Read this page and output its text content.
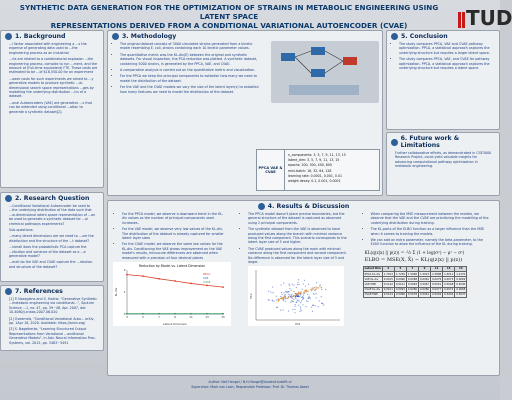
SYNTHETIC DATA GENERATION FOR THE OPTIMIZATION OF STRAINS IN METABOLIC ENGINEERING USING LATENT SPACE
REPRESENTATIONS DERIVED FROM A CONDITIONAL VARIATIONAL AUTOENCODER (CVAE)	TUD
1. Background

...l factor associated with engineering a ...s the expense of generating data used to ...the engineering process as an industrial

...rts are related to a combinatorial explosion ...the engineering process, complex to run ...ment, and the amount of (Full-time equivalent) FTE. These costs are estimated to be ...of $18,550.00 for an experiment

...ower costs for such experiments we aimed to ...y generative models to produce synthetic ...al-dimensional search space representations ...ges by modelling the underlying distribution ...ics of a dataset.

...onal Autoencoders (VAE) are generative ...s that can be extended using conditional ...ation to generate a synthetic dataset[2].

2. Research Question

...Conditional Variational Autoencoder be used to ...the underlying distribution of the data such that ...w-dimensional latent space representation of ...an be used to generate a synthetic dataset for ...al chemical pathways experiments?

Sub-questions:

...many latent dimensions are we need to ...ure the distribution and the structure of the ...t dataset?

...iverall does the probabilistic PCA capture the ...ribution and variance of the dataset as a ...e generative model?

...erall do the VAE and CVAE capture the ...ribution and structure of the dataset?

7. References

[1] P. Naseglens and S. Hodne, "Generative Synthetic ...metabolic engineering via conditional...", Sputum Science ...1, no. 47, pp. 39~48, Apr. 2007, doi: 10.4080/j.cnbos.2007.06.020

[2] Ovedmels, "Conditional Variational Auto... arXiv, pp. 1Apr 16, 2020. Available: https://arxiv.org/

[3] S. Nagelkerke, "Learning Structured Output Representations from Variational ...onditional Generative Models", in Adv. Neural Information Proc. Systems, vol. 2015, pp. 3483~3491

3. Methodology
• The original dataset consists of 3000 simulated strains generated from a kinetic model resembling E. coli, strains containing each 10 kinetic parameter values.
• The quantitative metric was the KL-div(E) between the original and synthetic datasets. For visual inspection, the PCA reduction was plotted. A synthetic dataset, containing 5000 strains, is generated by the PPCA, VAE, and CVAE.
• A comparative analysis is carried out on the quantitative metric and visualization.
• For the PPCA we keep the principal components to establish how many we need to model the distribution of the dataset.
• For the VAE and the CVAE models we vary the size of the latent layer(s) to establish how many features we need to model the distribution of the dataset.
PPCA VAE & CVAE
n_components: 3, 5, 7, 9, 11, 13, 15
latent_dim: 3, 5, 7, 9, 11, 13, 15
epochs: 200, 300, 400, 600
mini-batch: 16, 32, 64, 128
learning rate: 0.0001, 0.001, 0.01
weight decay: 0.1, 0.001, 0.0001
5. Conclusion
• The study compares PPCA, VAE and CVAE pathway optimization. PPCA, a statistical approach captures the underlying structure but requires a larger latent space.
• The study compares PPCA, VAE, and CVAE for pathway optimization. PPCA, a statistical approach captures the underlying structure but requires a latent space.
6. Future work & Limitations

Further collaborative efforts, as demonstrated in CSE3000 Research Project, could yield valuable insights for advancing computational pathway optimization in metabolic engineering.

4. Results & Discussion
• For the PPCA model, we observe a downward trend in the KL-div values as the number of principal components used increases.
• For the VAE model, we observe very low values of the KL-div. The distribution of the dataset is already captured for smaller latent layer sizes
• For the CVAE model, we observe the same low values for the KL-div. Conditioning the VAE shows improvement on the VAE model's results, minuscule differences are observed when measured with a precision of four decimal places
Reduction by Model vs. Latent Dimension
3	5	7	9	11	13	15
0
1
2
Latent dimension
KL-div
PPCA
VAE
CVAE
• The PPCA model doesn't place precise boundaries, but the general structure of the dataset is captured as observed using 2 principal components.
• The synthetic dataset from the VAE is observed to have produced values along the branch with minimal variance along the first component. This scenario corresponds to the latent layer size of 5 and higher.
• The CVAE produced values along the main with minimal variance along the first component and second component. No difference is observed for the latent layer size of 5 and larger.
PC1
PC2
• When comparing the MSE measurement between the models, we observe that the VAE and the CVAE are prioritizing the modelling of the underlying distribution during training.
• The KL-parts of the ELBO function as a larger influence than the MSE when it comes to training the models.
• We can add an extra parameter, namely the beta-parameter, to the ELBO function to allow the influence of the KL during training.
KL(q(z|x) || p(z)) = -½ Σ (1 + log(σ²) − μ² − σ²)
ELBO = MSE(X, X̂) − KL(q(z|x) || p(z))
Latent Dim	3	5	7	9	11	13	15
PPCA KL-div	1.7913	1.7236	1.5966	1.5023	1.3898	1.3011	1.2170
VAE KL-div	0.0105	0.0096	0.0088	0.0081	0.0079	0.0073	0.0069
VAE MSE	0.5142	0.5101	0.5083	0.5067	0.5051	0.5048	0.5040
CVAE KL-div	0.0101	0.0093	0.0086	0.0080	0.0077	0.0072	0.0068
CVAE MSE	0.5124	0.5096	0.5078	0.5061	0.5049	0.5044	0.5037
Author: Neli Hangel / N.H.Hangel@student.tudelft.nl
Supervisor: Mark van Loon, Responsible Professor: Prof. Dr. Thomas Abeel
